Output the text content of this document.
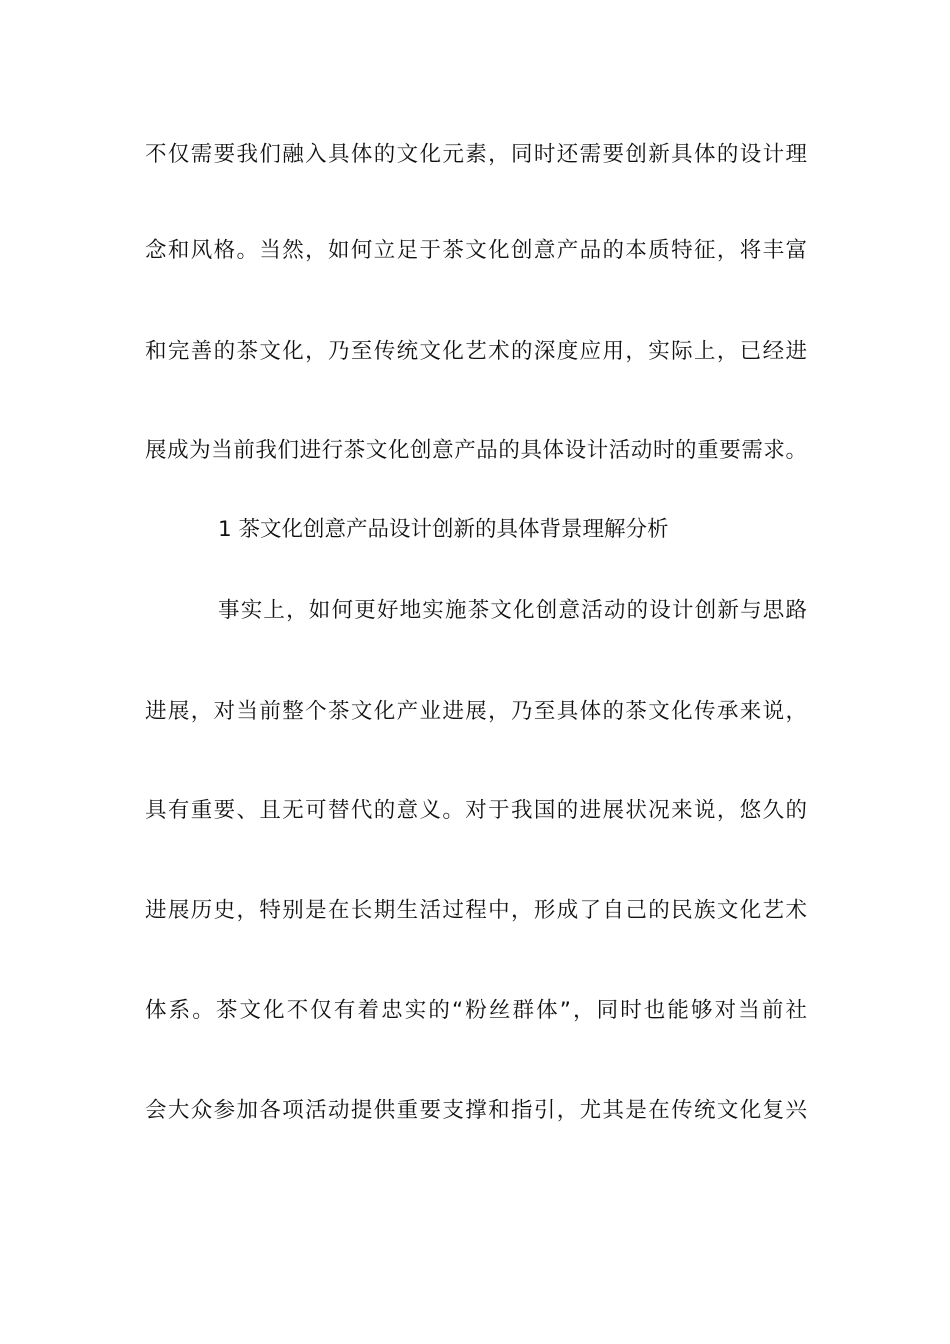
不仅需要我们融入具体的文化元素，同时还需要创新具体的设计理
念和风格。当然，如何立足于茶文化创意产品的本质特征，将丰富
和完善的茶文化，乃至传统文化艺术的深度应用，实际上，已经进
展成为当前我们进行茶文化创意产品的具体设计活动时的重要需求。
1 茶文化创意产品设计创新的具体背景理解分析
事实上，如何更好地实施茶文化创意活动的设计创新与思路
进展，对当前整个茶文化产业进展，乃至具体的茶文化传承来说，
具有重要、且无可替代的意义。对于我国的进展状况来说，悠久的
进展历史，特别是在长期生活过程中，形成了自己的民族文化艺术
体系。茶文化不仅有着忠实的“粉丝群体”，同时也能够对当前社
会大众参加各项活动提供重要支撑和指引，尤其是在传统文化复兴
